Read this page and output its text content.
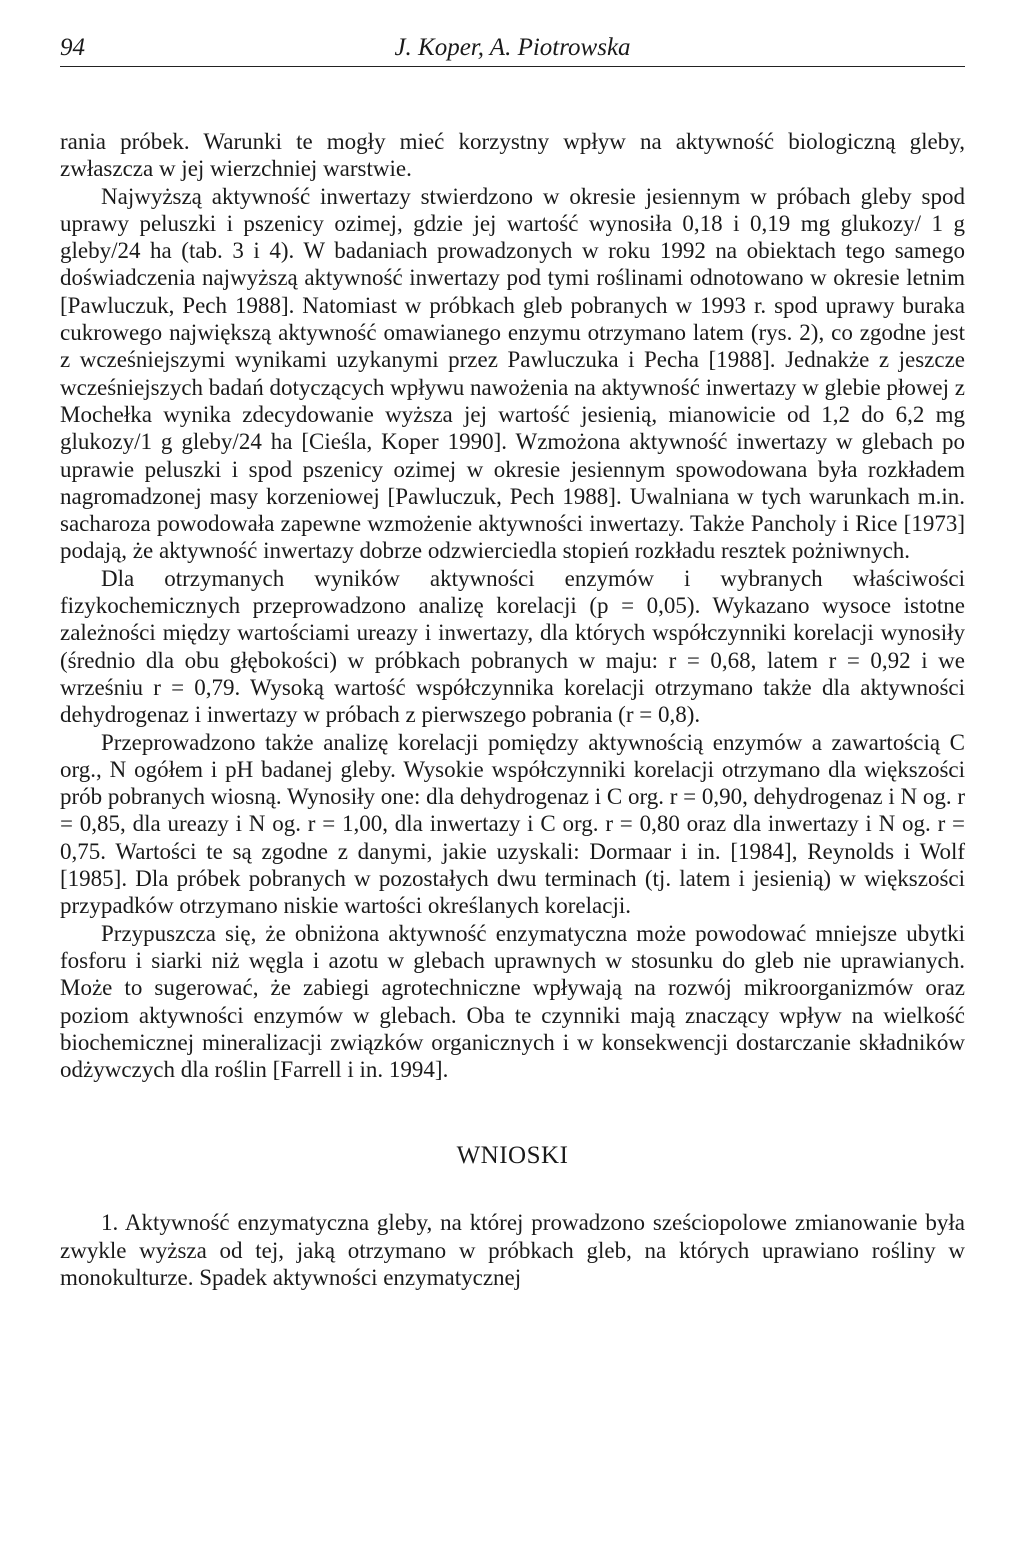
94	J. Koper, A. Piotrowska

rania próbek. Warunki te mogły mieć korzystny wpływ na aktywność biologiczną gleby, zwłaszcza w jej wierzchniej warstwie.

Najwyższą aktywność inwertazy stwierdzono w okresie jesiennym w próbach gleby spod uprawy peluszki i pszenicy ozimej, gdzie jej wartość wynosiła 0,18 i 0,19 mg glukozy/ 1 g gleby/24 ha (tab. 3 i 4). W badaniach prowadzonych w roku 1992 na obiektach tego samego doświadczenia najwyższą aktywność inwertazy pod tymi roślinami odnotowano w okresie letnim [Pawluczuk, Pech 1988]. Natomiast w próbkach gleb pobranych w 1993 r. spod uprawy buraka cukrowego największą aktywność omawianego enzymu otrzymano latem (rys. 2), co zgodne jest z wcześniejszymi wynikami uzykanymi przez Pawluczuka i Pecha [1988]. Jednakże z jeszcze wcześniejszych badań dotyczących wpływu nawożenia na aktywność inwertazy w glebie płowej z Mochełka wynika zdecydowanie wyższa jej wartość jesienią, mianowicie od 1,2 do 6,2 mg glukozy/1 g gleby/24 ha [Cieśla, Koper 1990]. Wzmożona aktywność inwertazy w glebach po uprawie peluszki i spod pszenicy ozimej w okresie jesiennym spowodowana była rozkładem nagromadzonej masy korzeniowej [Pawluczuk, Pech 1988]. Uwalniana w tych warunkach m.in. sacharoza powodowała zapewne wzmożenie aktywności inwertazy. Także Pancholy i Rice [1973] podają, że aktywność inwertazy dobrze odzwierciedla stopień rozkładu resztek pożniwnych.

Dla otrzymanych wyników aktywności enzymów i wybranych właściwości fizykochemicznych przeprowadzono analizę korelacji (p = 0,05). Wykazano wysoce istotne zależności między wartościami ureazy i inwertazy, dla których współczynniki korelacji wynosiły (średnio dla obu głębokości) w próbkach pobranych w maju: r = 0,68, latem r = 0,92 i we wrześniu r = 0,79. Wysoką wartość współczynnika korelacji otrzymano także dla aktywności dehydrogenaz i inwertazy w próbach z pierwszego pobrania (r = 0,8).

Przeprowadzono także analizę korelacji pomiędzy aktywnością enzymów a zawartością C org., N ogółem i pH badanej gleby. Wysokie współczynniki korelacji otrzymano dla większości prób pobranych wiosną. Wynosiły one: dla dehydrogenaz i C org. r = 0,90, dehydrogenaz i N og. r = 0,85, dla ureazy i N og. r = 1,00, dla inwertazy i C org. r = 0,80 oraz dla inwertazy i N og. r = 0,75. Wartości te są zgodne z danymi, jakie uzyskali: Dormaar i in. [1984], Reynolds i Wolf [1985]. Dla próbek pobranych w pozostałych dwu terminach (tj. latem i jesienią) w większości przypadków otrzymano niskie wartości określanych korelacji.

Przypuszcza się, że obniżona aktywność enzymatyczna może powodować mniejsze ubytki fosforu i siarki niż węgla i azotu w glebach uprawnych w stosunku do gleb nie uprawianych. Może to sugerować, że zabiegi agrotechniczne wpływają na rozwój mikroorganizmów oraz poziom aktywności enzymów w glebach. Oba te czynniki mają znaczący wpływ na wielkość biochemicznej mineralizacji związków organicznych i w konsekwencji dostarczanie składników odżywczych dla roślin [Farrell i in. 1994].

WNIOSKI

1. Aktywność enzymatyczna gleby, na której prowadzono sześciopolowe zmianowanie była zwykle wyższa od tej, jaką otrzymano w próbkach gleb, na których uprawiano rośliny w monokulturze. Spadek aktywności enzymatycznej
